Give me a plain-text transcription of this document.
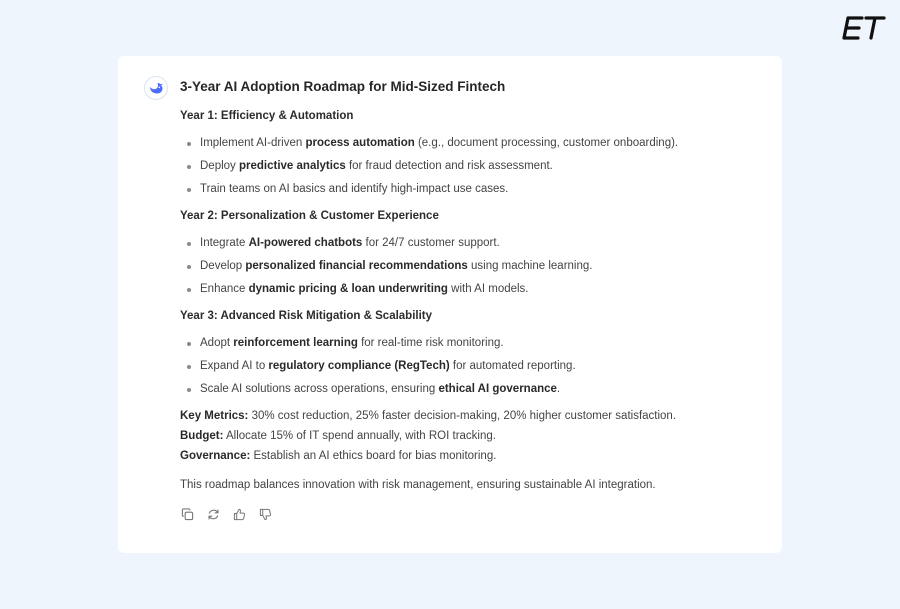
3-Year AI Adoption Roadmap for Mid-Sized Fintech
Year 1: Efficiency & Automation
Implement AI-driven process automation (e.g., document processing, customer onboarding).
Deploy predictive analytics for fraud detection and risk assessment.
Train teams on AI basics and identify high-impact use cases.
Year 2: Personalization & Customer Experience
Integrate AI-powered chatbots for 24/7 customer support.
Develop personalized financial recommendations using machine learning.
Enhance dynamic pricing & loan underwriting with AI models.
Year 3: Advanced Risk Mitigation & Scalability
Adopt reinforcement learning for real-time risk monitoring.
Expand AI to regulatory compliance (RegTech) for automated reporting.
Scale AI solutions across operations, ensuring ethical AI governance.

Key Metrics: 30% cost reduction, 25% faster decision-making, 20% higher customer satisfaction.

Budget: Allocate 15% of IT spend annually, with ROI tracking.

Governance: Establish an AI ethics board for bias monitoring.

This roadmap balances innovation with risk management, ensuring sustainable AI integration.
